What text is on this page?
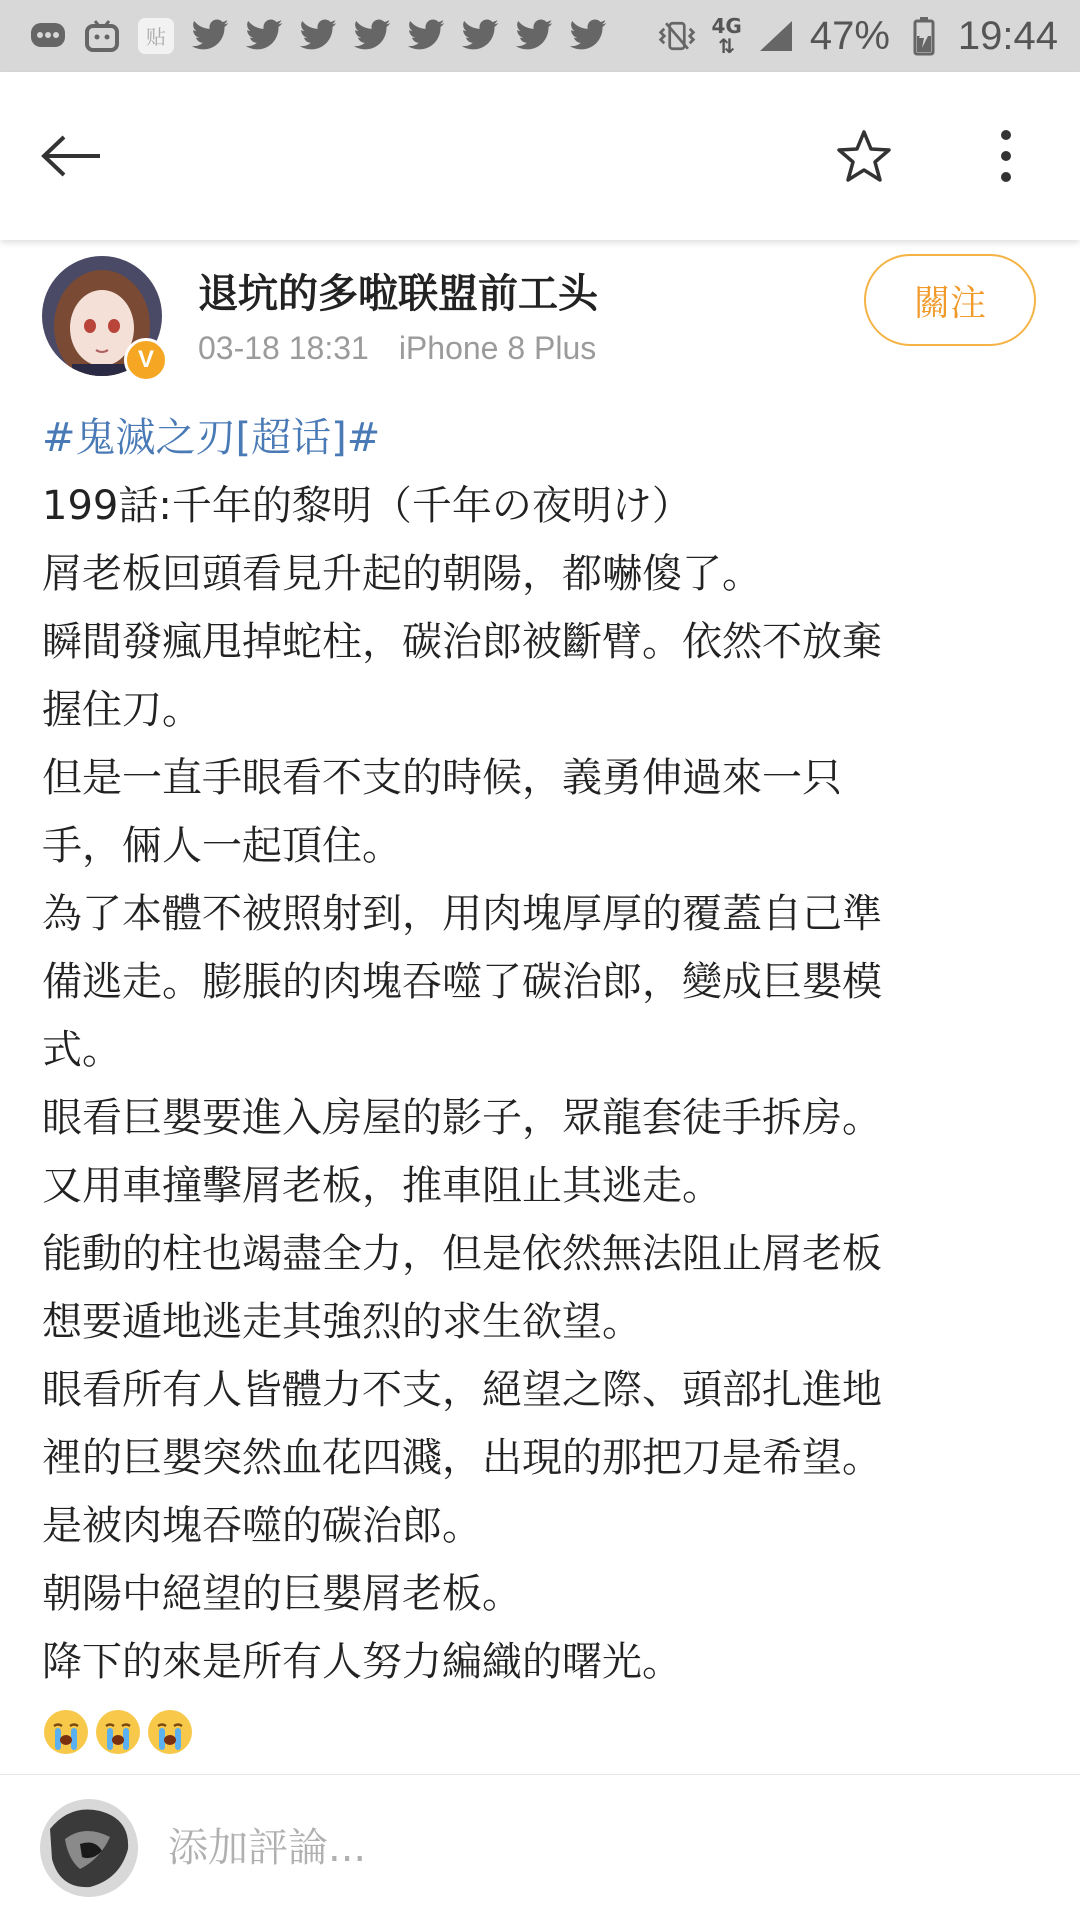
贴	4G
⇅ 47% 19:44
V
退坑的多啦联盟前工头
03-18 18:31 iPhone 8 Plus
關注
#鬼滅之刃[超话]#
199話:千年的黎明（千年の夜明け）
屑老板回頭看見升起的朝陽，都嚇傻了。
瞬間發瘋甩掉蛇柱，碳治郎被斷臂。依然不放棄
握住刀。
但是一直手眼看不支的時候，義勇伸過來一只
手，倆人一起頂住。
為了本體不被照射到，用肉塊厚厚的覆蓋自己準
備逃走。膨脹的肉塊吞噬了碳治郎，變成巨嬰模
式。
眼看巨嬰要進入房屋的影子，眾龍套徒手拆房。
又用車撞擊屑老板，推車阻止其逃走。
能動的柱也竭盡全力，但是依然無法阻止屑老板
想要遁地逃走其強烈的求生欲望。
眼看所有人皆體力不支，絕望之際、頭部扎進地
裡的巨嬰突然血花四濺，出現的那把刀是希望。
是被肉塊吞噬的碳治郎。
朝陽中絕望的巨嬰屑老板。
降下的來是所有人努力編織的曙光。
添加評論...
